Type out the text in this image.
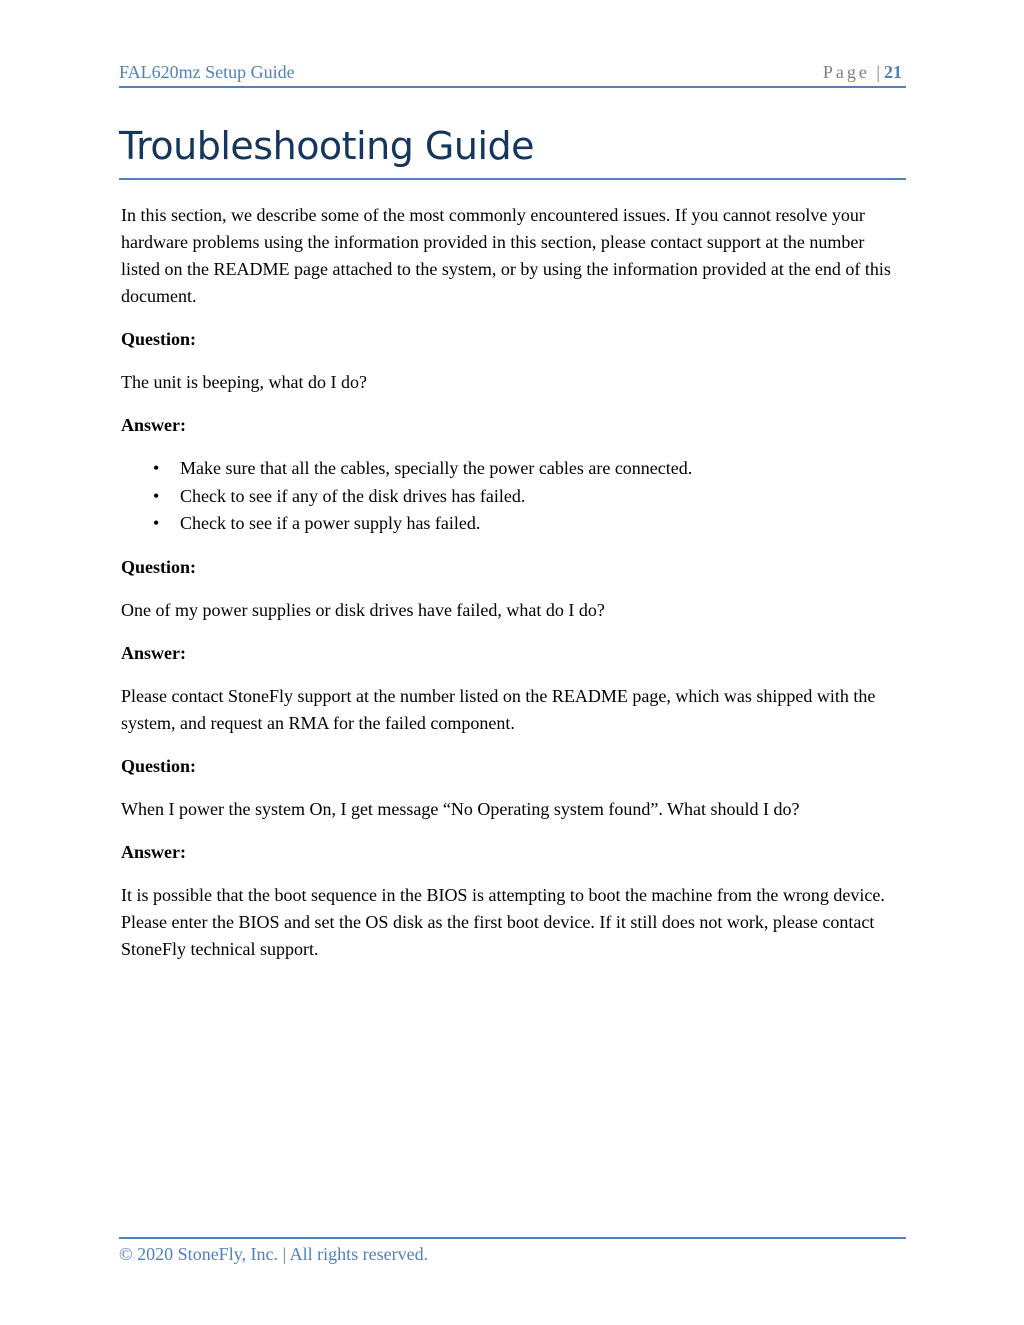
FAL620mz Setup Guide	Page | 21
Troubleshooting Guide

In this section, we describe some of the most commonly encountered issues. If you cannot resolve your hardware problems using the information provided in this section, please contact support at the number listed on the README page attached to the system, or by using the information provided at the end of this document.

Question:

The unit is beeping, what do I do?

Answer:

• Make sure that all the cables, specially the power cables are connected.
• Check to see if any of the disk drives has failed.
• Check to see if a power supply has failed.

Question:

One of my power supplies or disk drives have failed, what do I do?

Answer:

Please contact StoneFly support at the number listed on the README page, which was shipped with the system, and request an RMA for the failed component.

Question:

When I power the system On, I get message “No Operating system found”. What should I do?

Answer:

It is possible that the boot sequence in the BIOS is attempting to boot the machine from the wrong device. Please enter the BIOS and set the OS disk as the first boot device. If it still does not work, please contact StoneFly technical support.

© 2020 StoneFly, Inc. | All rights reserved.
